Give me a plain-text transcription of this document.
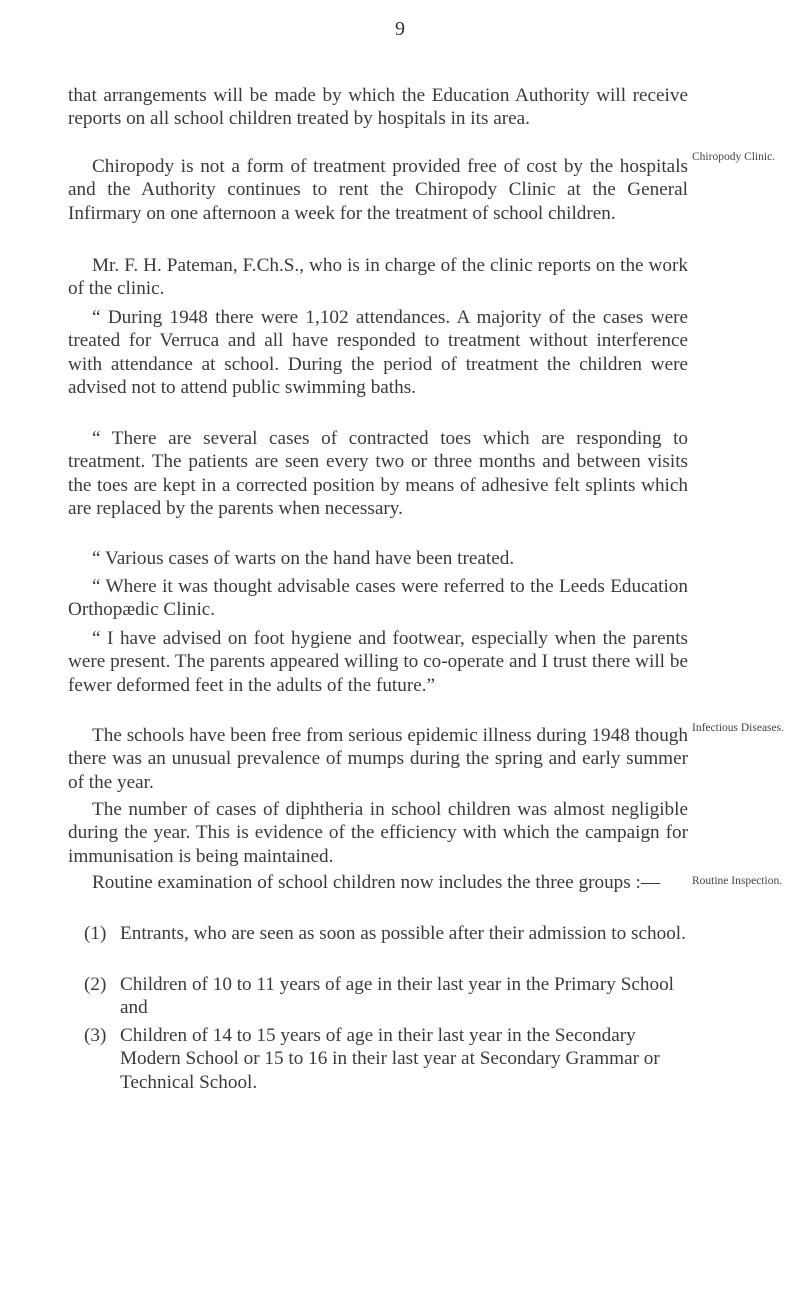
9

that arrangements will be made by which the Education Authority will receive reports on all school children treated by hospitals in its area.

Chiropody is not a form of treatment provided free of cost by the hospitals and the Authority continues to rent the Chiropody Clinic at the General Infirmary on one afternoon a week for the treatment of school children.

Chiropody Clinic.

Mr. F. H. Pateman, F.Ch.S., who is in charge of the clinic reports on the work of the clinic.

“ During 1948 there were 1,102 attendances. A majority of the cases were treated for Verruca and all have responded to treatment without interference with attendance at school. During the period of treatment the children were advised not to attend public swimming baths.

“ There are several cases of contracted toes which are responding to treatment. The patients are seen every two or three months and between visits the toes are kept in a corrected position by means of adhesive felt splints which are replaced by the parents when necessary.

“ Various cases of warts on the hand have been treated.

“ Where it was thought advisable cases were referred to the Leeds Education Orthopædic Clinic.

“ I have advised on foot hygiene and footwear, especially when the parents were present. The parents appeared willing to co-operate and I trust there will be fewer deformed feet in the adults of the future.”

The schools have been free from serious epidemic illness during 1948 though there was an unusual prevalence of mumps during the spring and early summer of the year.

Infectious Diseases.

The number of cases of diphtheria in school children was almost negligible during the year. This is evidence of the efficiency with which the campaign for immunisation is being maintained.

Routine examination of school children now includes the three groups :—	Routine Inspection.
(1) Entrants, who are seen as soon as possible after their admission to school.
(2) Children of 10 to 11 years of age in their last year in the Primary School and
(3) Children of 14 to 15 years of age in their last year in the Secondary Modern School or 15 to 16 in their last year at Secondary Grammar or Technical School.
